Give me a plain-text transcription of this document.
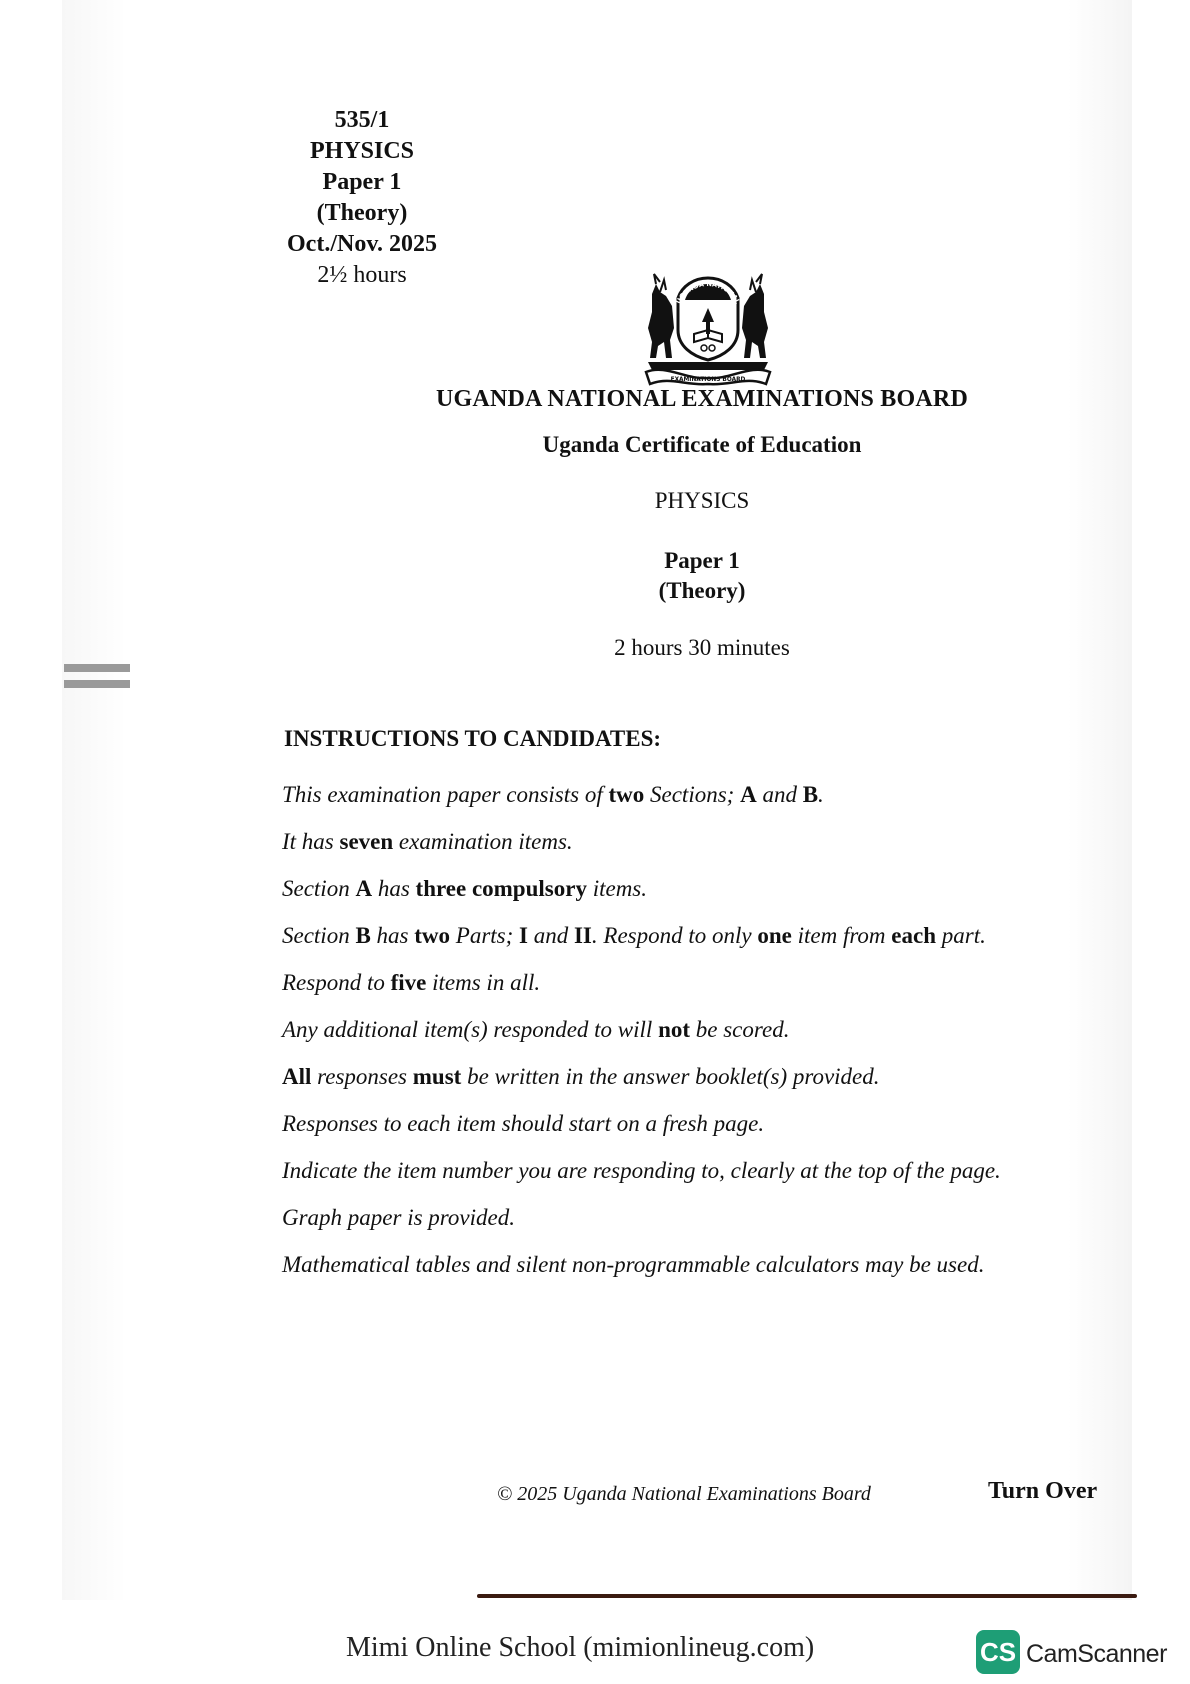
535/1
PHYSICS
Paper 1
(Theory)
Oct./Nov. 2025
2½ hours
UGANDA NATIONAL
EXAMINATIONS BOARD
UGANDA NATIONAL EXAMINATIONS BOARD
Uganda Certificate of Education
PHYSICS
Paper 1
(Theory)
2 hours 30 minutes
INSTRUCTIONS TO CANDIDATES:
This examination paper consists of two Sections; A and B.
It has seven examination items.
Section A has three compulsory items.
Section B has two Parts; I and II. Respond to only one item from each part.
Respond to five items in all.
Any additional item(s) responded to will not be scored.
All responses must be written in the answer booklet(s) provided.
Responses to each item should start on a fresh page.
Indicate the item number you are responding to, clearly at the top of the page.
Graph paper is provided.
Mathematical tables and silent non-programmable calculators may be used.
© 2025 Uganda National Examinations Board	Turn Over
Mimi Online School (mimionlineug.com)	CS CamScanner
